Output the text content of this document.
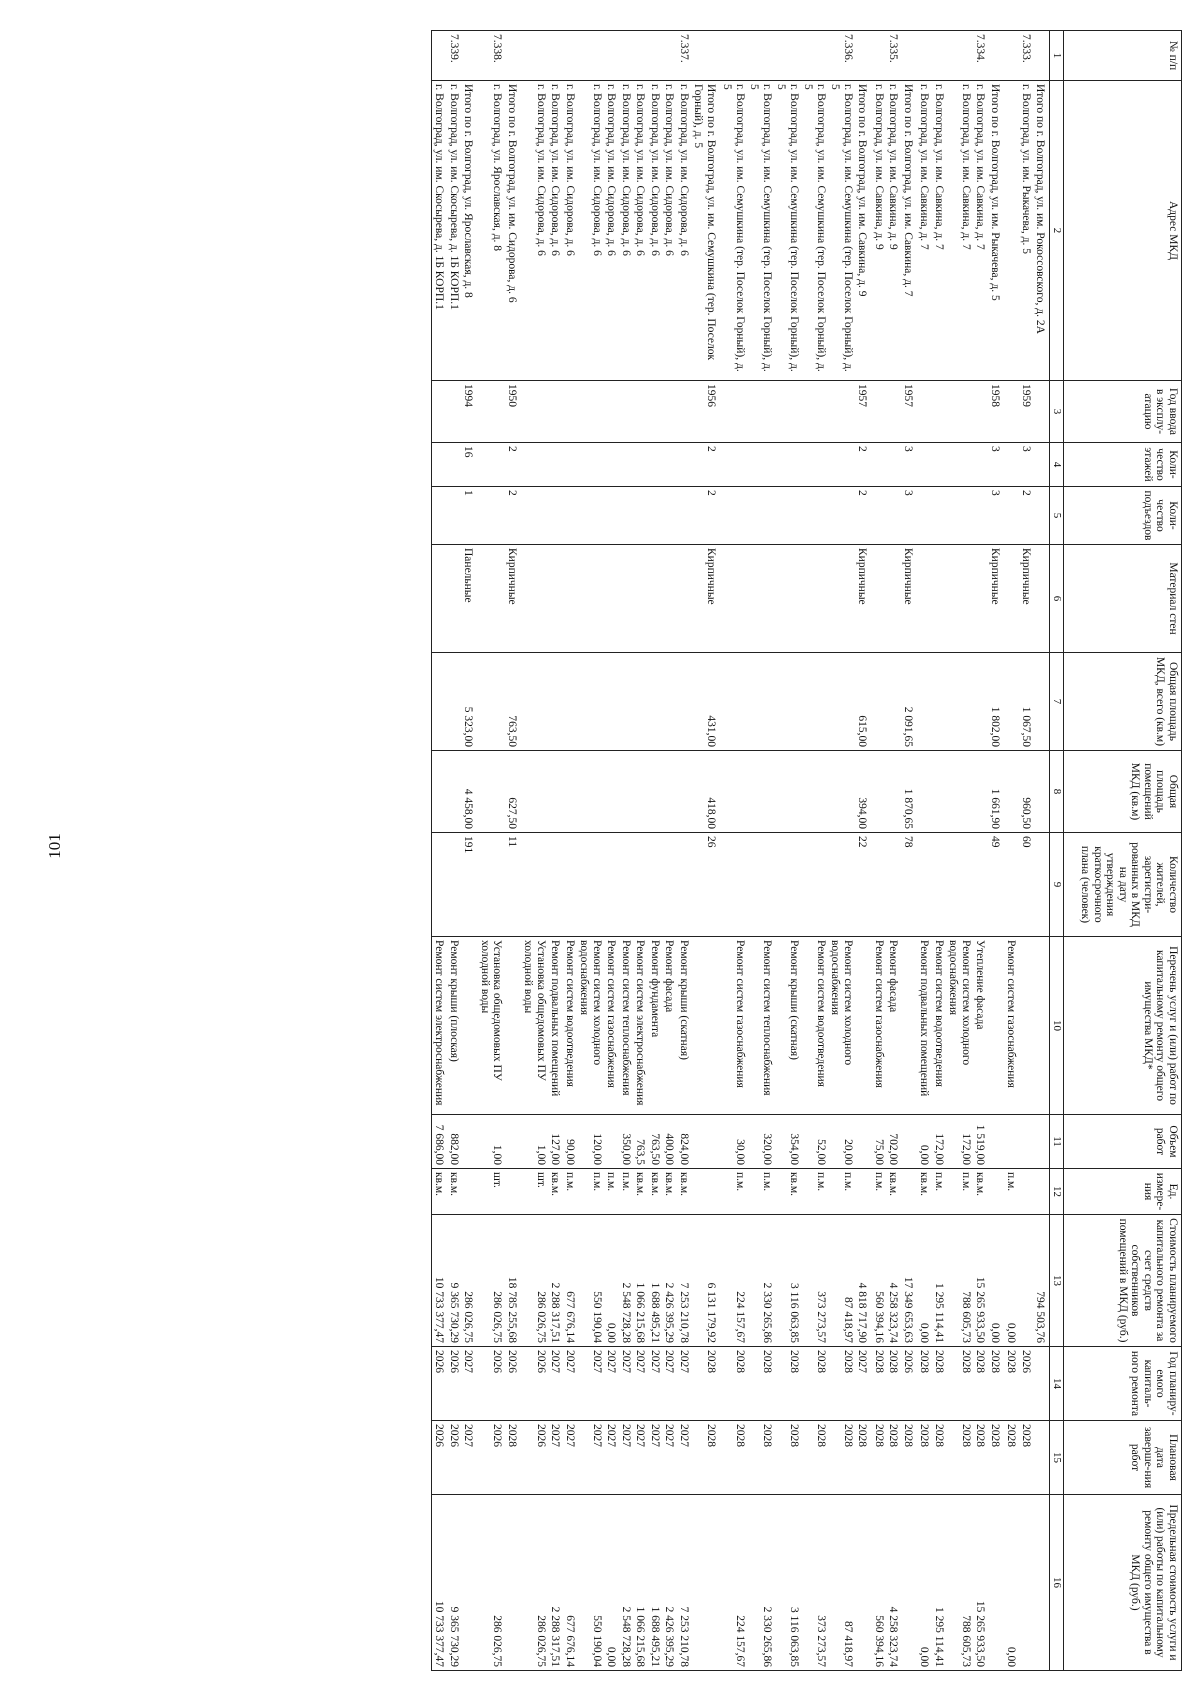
101
№ п/п	Адрес МКД	Год ввода в эксплу-атацию	Коли-чество этажей	Коли-чество подъездов	Материал стен	Общая площадь МКД, всего (кв.м)	Общая площадь помещений МКД (кв.м)	Количество жителей, зарегистри-рованных в МКД на дату утверждения краткосрочного плана (человек)	Перечень услуг и (или) работ по капитальному ремонту общего имущества МКД*	Объем работ	Ед. измере-ния	Стоимость планируемого капитального ремонта за счет средств собственников помещений в МКД (руб.)	Год планиру-емого капиталь-ного ремонта	Плановая дата заверше-ния работ	Предельная стоимость услуги и (или) работы по капитальному ремонту общего имущества в МКД (руб.)
1	2	3	4	5	6	7	8	9	10	11	12	13	14	15	16
	Итого по г. Волгоград, ул. им. Рокоссовского, д. 2А											794 503,76			
7.333.	г. Волгоград, ул. им. Рыкачева, д. 5	1959	3	2	Кирпичные	1 067,50	960,50	60					2026	2028	
									Ремонт систем газоснабжения		п.м.	0,00	2028	2028	0,00
	Итого по г. Волгоград, ул. им. Рыкачева, д. 5	1958	3	3	Кирпичные	1 802,00	1 661,90	49				0,00	2028	2028	
7.334.	г. Волгоград, ул. им. Савкина, д. 7								Утепление фасада	1 519,00	кв.м.	15 265 933,50	2028	2028	15 265 933,50
	г. Волгоград, ул. им. Савкина, д. 7								Ремонт систем холодного водоснабжения	172,00	п.м.	788 605,73	2028	2028	788 605,73
	г. Волгоград, ул. им. Савкина, д. 7								Ремонт систем водоотведения	172,00	п.м.	1 295 114,41	2028	2028	1 295 114,41
	г. Волгоград, ул. им. Савкина, д. 7								Ремонт подвальных помещений	0,00	кв.м.	0,00	2028	2028	0,00
	Итого по г. Волгоград, ул. им. Савкина, д. 7	1957	3	3	Кирпичные	2 091,65	1 870,65	78				17 349 653,63	2026	2028	
7.335.	г. Волгоград, ул. им. Савкина, д. 9								Ремонт фасада	702,00	кв.м.	4 258 323,74	2028	2028	4 258 323,74
	г. Волгоград, ул. им. Савкина, д. 9								Ремонт систем газоснабжения	75,00	п.м.	560 394,16	2028	2028	560 394,16
	Итого по г. Волгоград, ул. им. Савкина, д. 9	1957	2	2	Кирпичные	615,00	394,00	22				4 818 717,90	2027	2028	
7.336.	г. Волгоград, ул. им. Семушкина (тер. Поселок Горный), д. 5								Ремонт систем холодного водоснабжения	20,00	п.м.	87 418,97	2028	2028	87 418,97
	г. Волгоград, ул. им. Семушкина (тер. Поселок Горный), д. 5								Ремонт систем водоотведения	52,00	п.м.	373 273,57	2028	2028	373 273,57
	г. Волгоград, ул. им. Семушкина (тер. Поселок Горный), д. 5								Ремонт крыши (скатная)	354,00	кв.м.	3 116 063,85	2028	2028	3 116 063,85
	г. Волгоград, ул. им. Семушкина (тер. Поселок Горный), д. 5								Ремонт систем теплоснабжения	320,00	п.м.	2 330 265,86	2028	2028	2 330 265,86
	г. Волгоград, ул. им. Семушкина (тер. Поселок Горный), д. 5								Ремонт систем газоснабжения	30,00	п.м.	224 157,67	2028	2028	224 157,67
	Итого по г. Волгоград, ул. им. Семушкина (тер. Поселок Горный), д. 5	1956	2	2	Кирпичные	431,00	418,00	26				6 131 179,92	2028	2028	
7.337.	г. Волгоград, ул. им. Сидорова, д. 6								Ремонт крыши (скатная)	824,00	кв.м.	7 253 210,78	2027	2027	7 253 210,78
	г. Волгоград, ул. им. Сидорова, д. 6								Ремонт фасада	400,00	кв.м.	2 426 395,29	2027	2027	2 426 395,29
	г. Волгоград, ул. им. Сидорова, д. 6								Ремонт фундамента	763,50	кв.м.	1 688 495,21	2027	2027	1 688 495,21
	г. Волгоград, ул. им. Сидорова, д. 6								Ремонт систем электроснабжения	763,5	кв.м.	1 066 215,68	2027	2027	1 066 215,68
	г. Волгоград, ул. им. Сидорова, д. 6								Ремонт систем теплоснабжения	350,00	п.м.	2 548 728,28	2027	2027	2 548 728,28
	г. Волгоград, ул. им. Сидорова, д. 6								Ремонт систем газоснабжения		п.м.	0,00	2027	2027	0,00
	г. Волгоград, ул. им. Сидорова, д. 6								Ремонт систем холодного водоснабжения	120,00	п.м.	550 190,04	2027	2027	550 190,04
	г. Волгоград, ул. им. Сидорова, д. 6								Ремонт систем водоотведения	90,00	п.м.	677 676,14	2027	2027	677 676,14
	г. Волгоград, ул. им. Сидорова, д. 6								Ремонт подвальных помещений	127,00	кв.м.	2 288 317,51	2027	2027	2 288 317,51
	г. Волгоград, ул. им. Сидорова, д. 6								Установка общедомовых ПУ холодной воды	1,00	шт.	286 026,75	2026	2026	286 026,75
	Итого по г. Волгоград, ул. им. Сидорова, д. 6	1950	2	2	Кирпичные	763,50	627,50	11				18 785 255,68	2026	2028	
7.338.	г. Волгоград, ул. Ярославская, д. 8								Установка общедомовых ПУ холодной воды	1,00	шт.	286 026,75	2026	2026	286 026,75
	Итого по г. Волгоград, ул. Ярославская, д. 8	1994	16	1	Панельные	5 323,00	4 458,00	191				286 026,75	2027	2027	
7.339.	г. Волгоград, ул. им. Скосырева, д. 1Б КОРП.1								Ремонт крыши (плоская)	882,00	кв.м.	9 365 730,29	2026	2026	9 365 730,29
	г. Волгоград, ул. им. Скосырева, д. 1Б КОРП.1								Ремонт систем электроснабжения	7 686,00	кв.м.	10 733 377,47	2026	2026	10 733 377,47
